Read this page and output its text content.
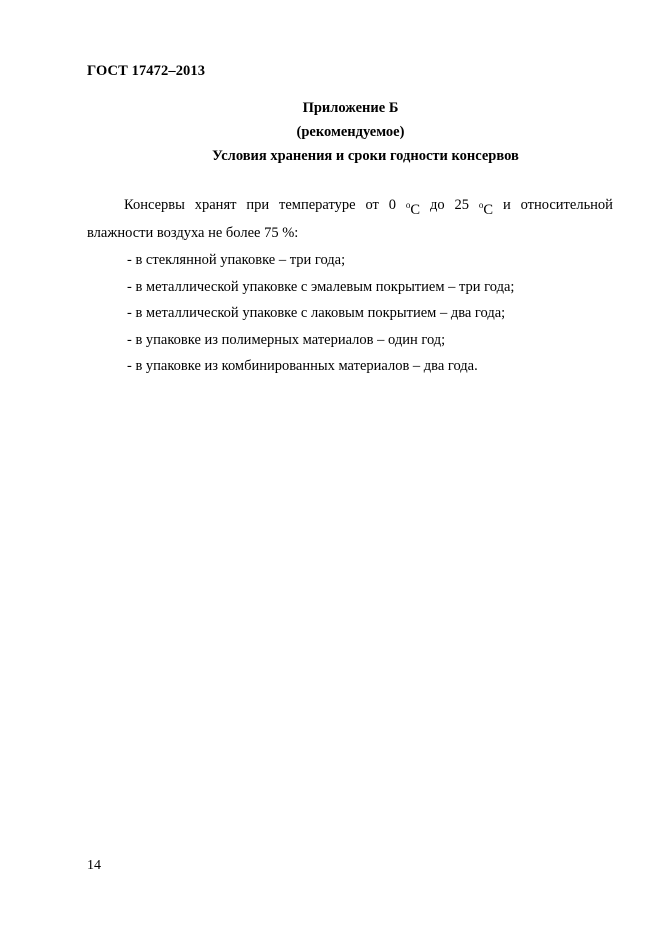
ГОСТ 17472–2013
Приложение Б
(рекомендуемое)
Условия хранения и сроки годности консервов
Консервы хранят при температуре от 0 $^o$C до 25 $^o$C и относительной
влажности воздуха не более 75 %:
- в стеклянной упаковке – три года;
- в металлической упаковке с эмалевым покрытием – три года;
- в металлической упаковке с лаковым покрытием – два года;
- в упаковке из полимерных материалов – один год;
- в упаковке из комбинированных материалов – два года.
14
